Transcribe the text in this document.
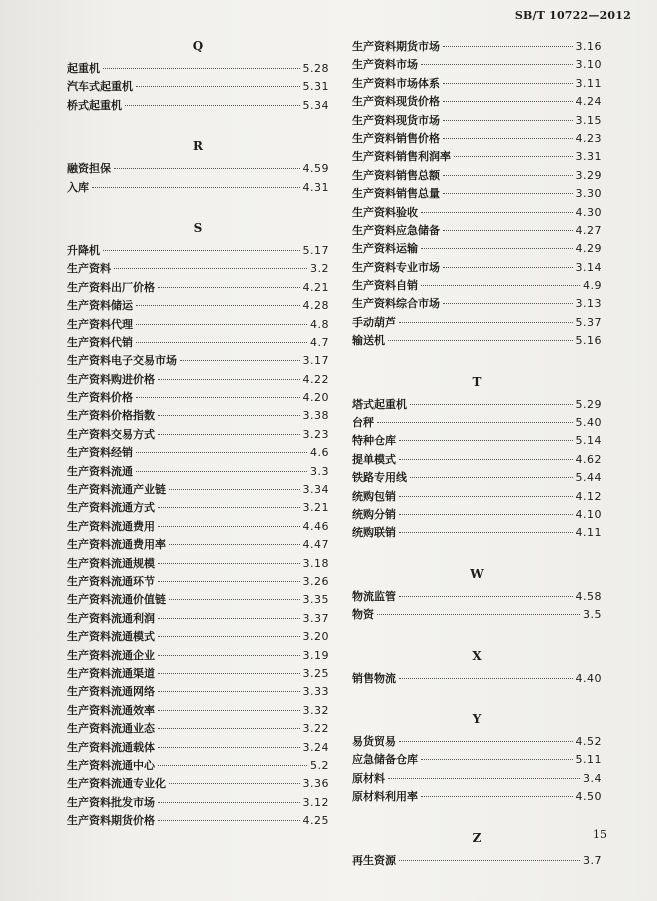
SB/T 10722—2012
Q
起重机	5.28
汽车式起重机	5.31
桥式起重机	5.34
R
融资担保	4.59
入库	4.31
S
升降机	5.17
生产资料	3.2
生产资料出厂价格	4.21
生产资料储运	4.28
生产资料代理	4.8
生产资料代销	4.7
生产资料电子交易市场	3.17
生产资料购进价格	4.22
生产资料价格	4.20
生产资料价格指数	3.38
生产资料交易方式	3.23
生产资料经销	4.6
生产资料流通	3.3
生产资料流通产业链	3.34
生产资料流通方式	3.21
生产资料流通费用	4.46
生产资料流通费用率	4.47
生产资料流通规模	3.18
生产资料流通环节	3.26
生产资料流通价值链	3.35
生产资料流通利润	3.37
生产资料流通模式	3.20
生产资料流通企业	3.19
生产资料流通渠道	3.25
生产资料流通网络	3.33
生产资料流通效率	3.32
生产资料流通业态	3.22
生产资料流通载体	3.24
生产资料流通中心	5.2
生产资料流通专业化	3.36
生产资料批发市场	3.12
生产资料期货价格	4.25
生产资料期货市场	3.16
生产资料市场	3.10
生产资料市场体系	3.11
生产资料现货价格	4.24
生产资料现货市场	3.15
生产资料销售价格	4.23
生产资料销售利润率	3.31
生产资料销售总额	3.29
生产资料销售总量	3.30
生产资料验收	4.30
生产资料应急储备	4.27
生产资料运输	4.29
生产资料专业市场	3.14
生产资料自销	4.9
生产资料综合市场	3.13
手动葫芦	5.37
输送机	5.16
T
塔式起重机	5.29
台秤	5.40
特种仓库	5.14
提单模式	4.62
铁路专用线	5.44
统购包销	4.12
统购分销	4.10
统购联销	4.11
W
物流监管	4.58
物资	3.5
X
销售物流	4.40
Y
易货贸易	4.52
应急储备仓库	5.11
原材料	3.4
原材料利用率	4.50
Z
再生资源	3.7
15
